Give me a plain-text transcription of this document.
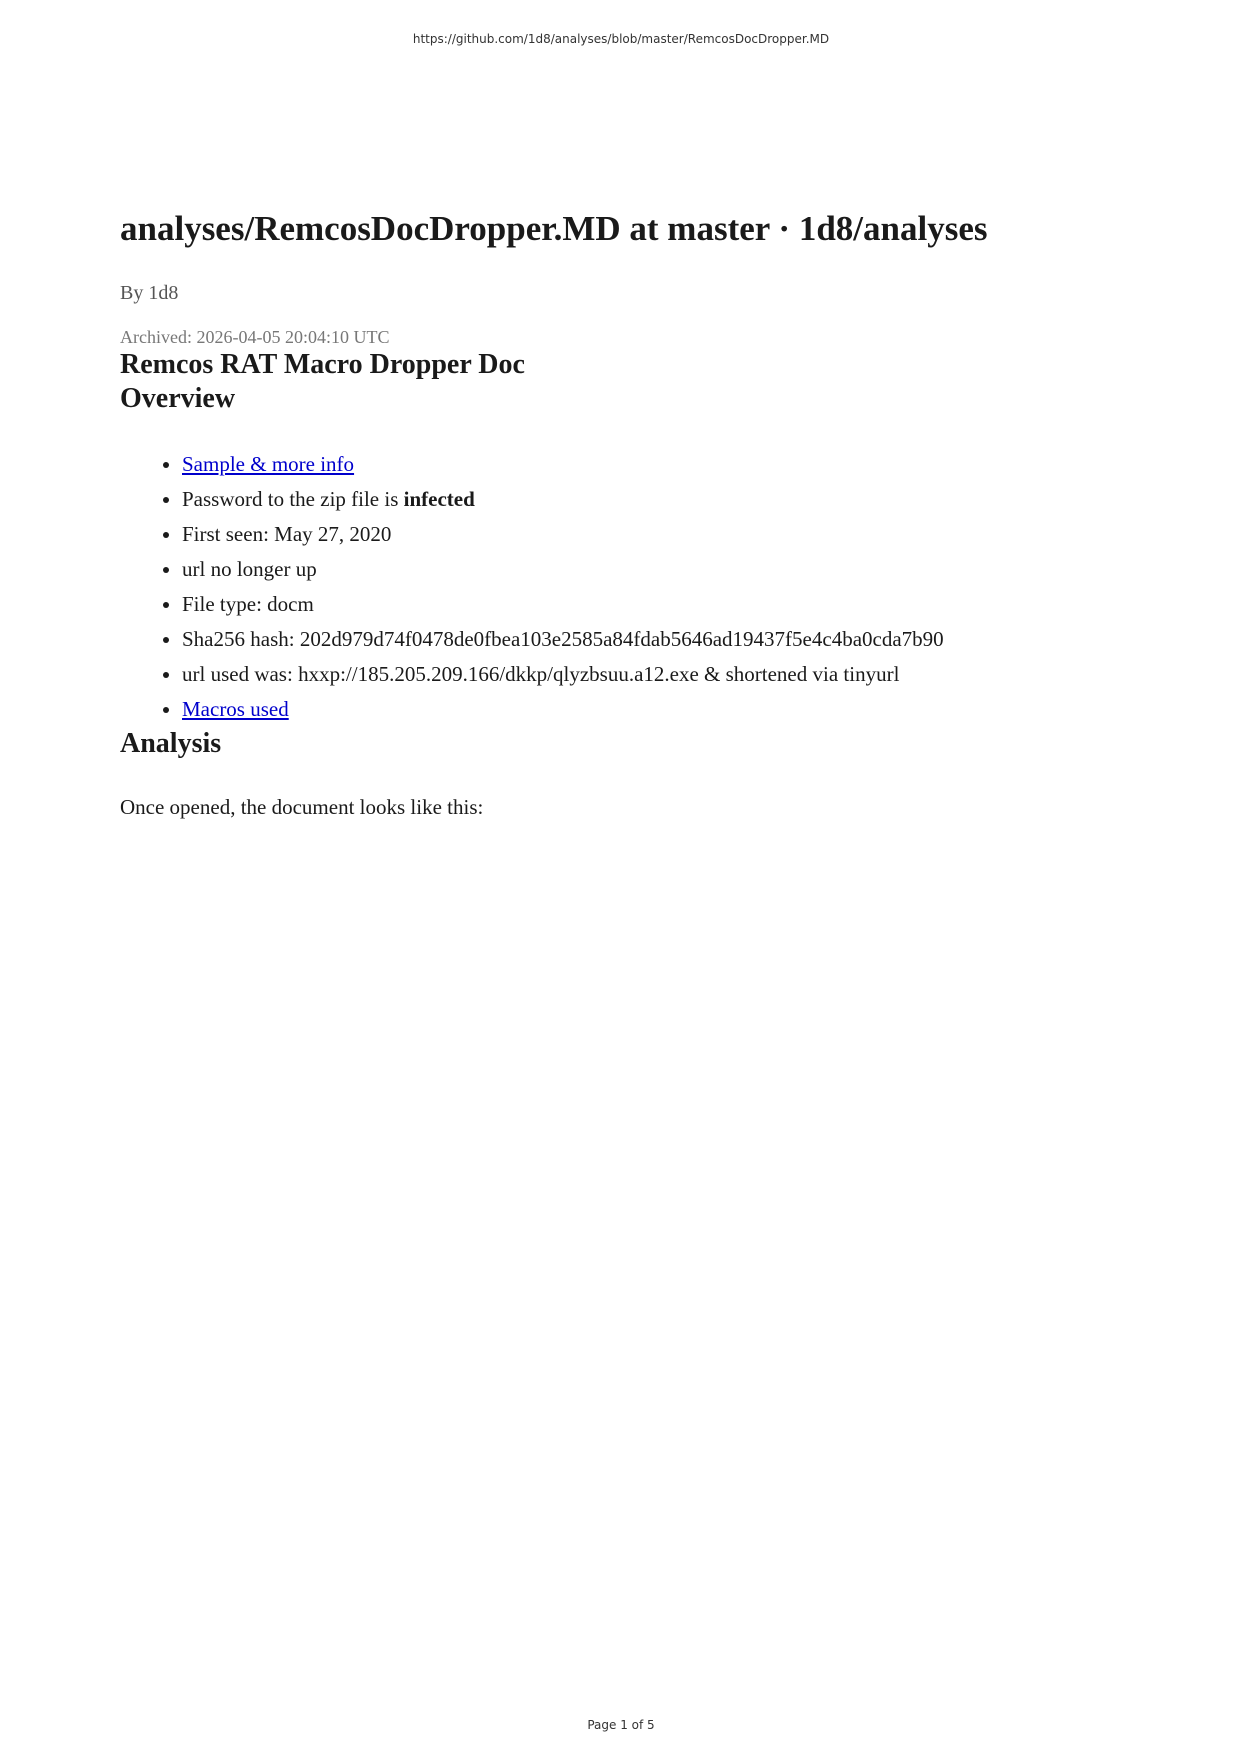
https://github.com/1d8/analyses/blob/master/RemcosDocDropper.MD
analyses/RemcosDocDropper.MD at master · 1d8/analyses
By 1d8
Archived: 2026-04-05 20:04:10 UTC
Remcos RAT Macro Dropper Doc
Overview
• Sample & more info
• Password to the zip file is infected
• First seen: May 27, 2020
• url no longer up
• File type: docm
• Sha256 hash: 202d979d74f0478de0fbea103e2585a84fdab5646ad19437f5e4c4ba0cda7b90
• url used was: hxxp://185.205.209.166/dkkp/qlyzbsuu.a12.exe & shortened via tinyurl
• Macros used
Analysis
Once opened, the document looks like this:
Page 1 of 5
